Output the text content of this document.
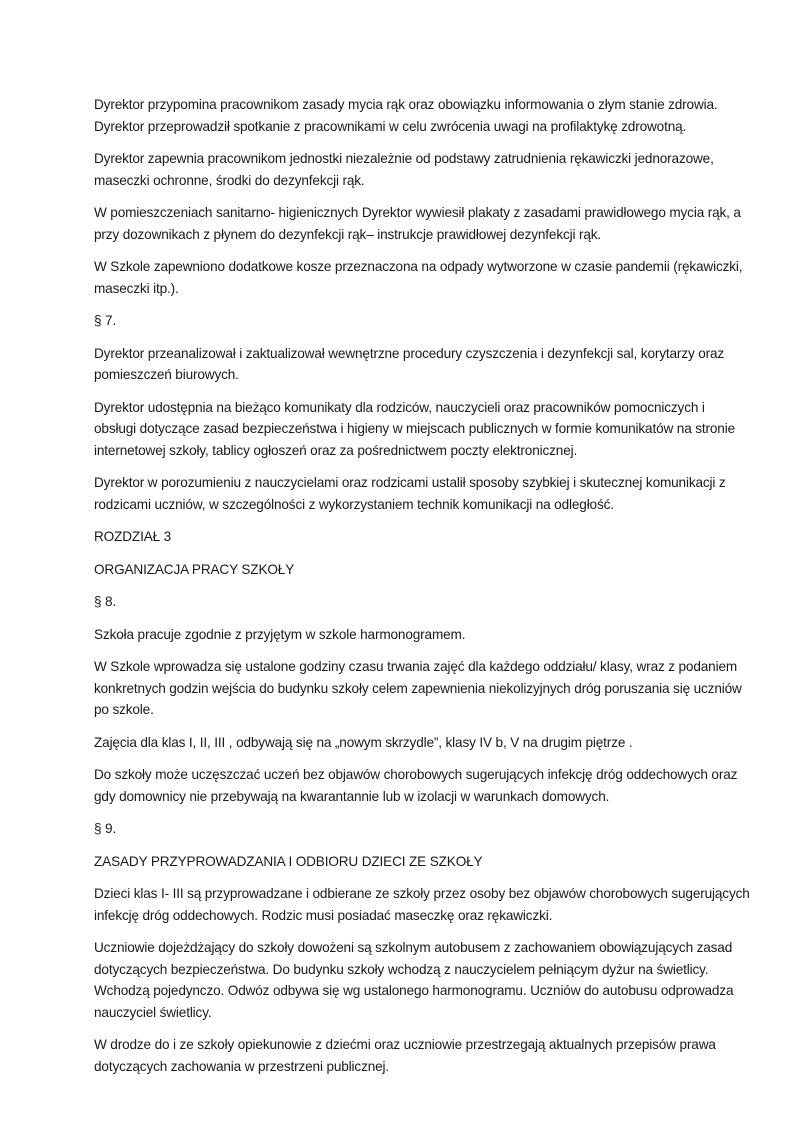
Dyrektor przypomina pracownikom zasady mycia rąk oraz obowiązku informowania o złym stanie zdrowia.
Dyrektor przeprowadził spotkanie z pracownikami w celu zwrócenia uwagi na profilaktykę zdrowotną.

Dyrektor zapewnia pracownikom jednostki niezależnie od podstawy zatrudnienia rękawiczki jednorazowe,
maseczki ochronne, środki do dezynfekcji rąk.

W pomieszczeniach sanitarno- higienicznych Dyrektor wywiesił plakaty z zasadami prawidłowego mycia rąk, a
przy dozownikach z płynem do dezynfekcji rąk– instrukcje prawidłowej dezynfekcji rąk.

W Szkole zapewniono dodatkowe kosze przeznaczona na odpady wytworzone w czasie pandemii (rękawiczki,
maseczki itp.).

§ 7.

Dyrektor przeanalizował i zaktualizował wewnętrzne procedury czyszczenia i dezynfekcji sal, korytarzy oraz
pomieszczeń biurowych.

Dyrektor udostępnia na bieżąco komunikaty dla rodziców, nauczycieli oraz pracowników pomocniczych i
obsługi dotyczące zasad bezpieczeństwa i higieny w miejscach publicznych w formie komunikatów na stronie
internetowej szkoły, tablicy ogłoszeń oraz za pośrednictwem poczty elektronicznej.

Dyrektor w porozumieniu z nauczycielami oraz rodzicami ustalił sposoby szybkiej i skutecznej komunikacji z
rodzicami uczniów, w szczególności z wykorzystaniem technik komunikacji na odległość.

ROZDZIAŁ 3

ORGANIZACJA PRACY SZKOŁY

§ 8.

Szkoła pracuje zgodnie z przyjętym w szkole harmonogramem.

W Szkole wprowadza się ustalone godziny czasu trwania zajęć dla każdego oddziału/ klasy, wraz z podaniem
konkretnych godzin wejścia do budynku szkoły celem zapewnienia niekolizyjnych dróg poruszania się uczniów
po szkole.

Zajęcia dla klas I, II, III , odbywają się na „nowym skrzydle”, klasy IV b, V na drugim piętrze .

Do szkoły może uczęszczać uczeń bez objawów chorobowych sugerujących infekcję dróg oddechowych oraz
gdy domownicy nie przebywają na kwarantannie lub w izolacji w warunkach domowych.

§ 9.

ZASADY PRZYPROWADZANIA I ODBIORU DZIECI ZE SZKOŁY

Dzieci klas I- III są przyprowadzane i odbierane ze szkoły przez osoby bez objawów chorobowych sugerujących
infekcję dróg oddechowych. Rodzic musi posiadać maseczkę oraz rękawiczki.

Uczniowie dojeżdżający do szkoły dowożeni są szkolnym autobusem z zachowaniem obowiązujących zasad
dotyczących bezpieczeństwa. Do budynku szkoły wchodzą z nauczycielem pełniącym dyżur na świetlicy.
Wchodzą pojedynczo. Odwóz odbywa się wg ustalonego harmonogramu. Uczniów do autobusu odprowadza
nauczyciel świetlicy.

W drodze do i ze szkoły opiekunowie z dziećmi oraz uczniowie przestrzegają aktualnych przepisów prawa
dotyczących zachowania w przestrzeni publicznej.
